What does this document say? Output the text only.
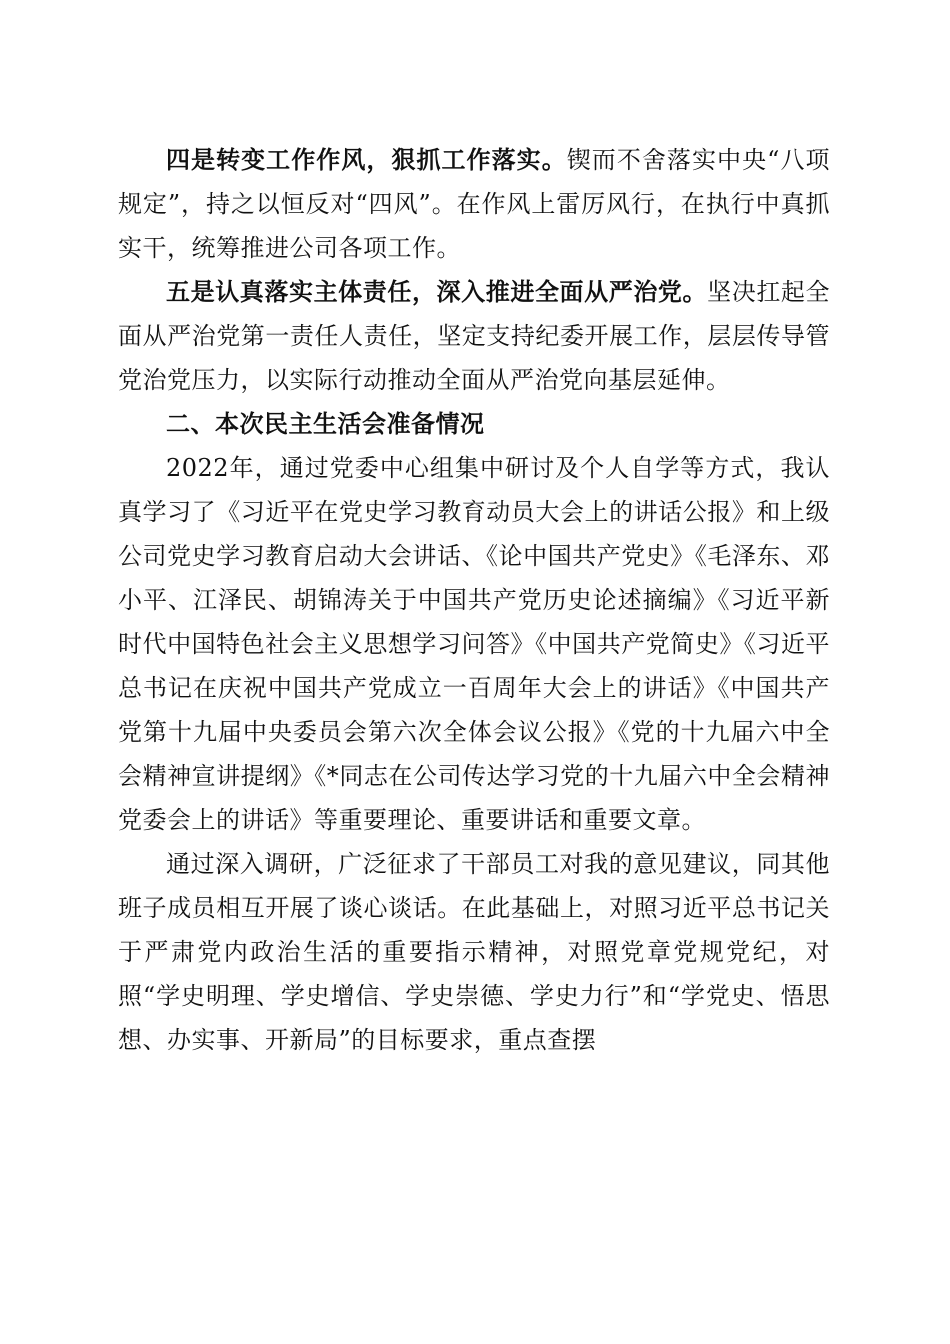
四是转变工作作风，狠抓工作落实。锲而不舍落实中央“八项规定”，持之以恒反对“四风”。在作风上雷厉风行，在执行中真抓实干，统筹推进公司各项工作。

五是认真落实主体责任，深入推进全面从严治党。坚决扛起全面从严治党第一责任人责任，坚定支持纪委开展工作，层层传导管党治党压力，以实际行动推动全面从严治党向基层延伸。

二、本次民主生活会准备情况

2022年，通过党委中心组集中研讨及个人自学等方式，我认真学习了《习近平在党史学习教育动员大会上的讲话公报》和上级公司党史学习教育启动大会讲话、《论中国共产党史》《毛泽东、邓小平、江泽民、胡锦涛关于中国共产党历史论述摘编》《习近平新时代中国特色社会主义思想学习问答》《中国共产党简史》《习近平总书记在庆祝中国共产党成立一百周年大会上的讲话》《中国共产党第十九届中央委员会第六次全体会议公报》《党的十九届六中全会精神宣讲提纲》《*同志在公司传达学习党的十九届六中全会精神党委会上的讲话》等重要理论、重要讲话和重要文章。

通过深入调研，广泛征求了干部员工对我的意见建议，同其他班子成员相互开展了谈心谈话。在此基础上，对照习近平总书记关于严肃党内政治生活的重要指示精神，对照党章党规党纪，对照“学史明理、学史增信、学史崇德、学史力行”和“学党史、悟思想、办实事、开新局”的目标要求，重点查摆
